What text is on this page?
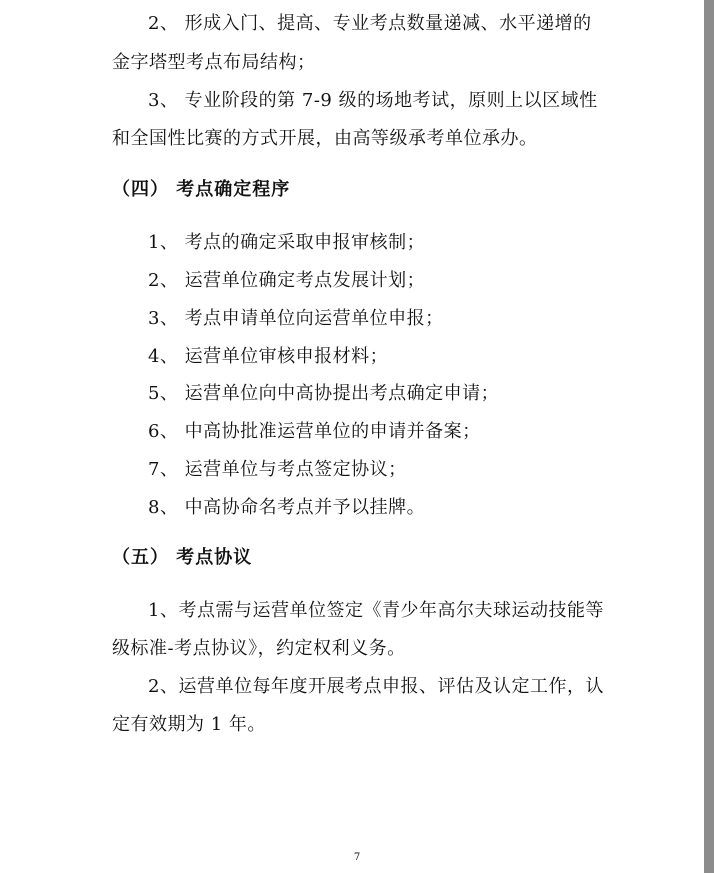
2、 形成入门、提高、专业考点数量递减、水平递增的
金字塔型考点布局结构；
3、 专业阶段的第 7-9 级的场地考试，原则上以区域性
和全国性比赛的方式开展，由高等级承考单位承办。
（四） 考点确定程序
1、 考点的确定采取申报审核制；
2、 运营单位确定考点发展计划；
3、 考点申请单位向运营单位申报；
4、 运营单位审核申报材料；
5、 运营单位向中高协提出考点确定申请；
6、 中高协批准运营单位的申请并备案；
7、 运营单位与考点签定协议；
8、 中高协命名考点并予以挂牌。
（五） 考点协议
1、考点需与运营单位签定《青少年高尔夫球运动技能等
级标准-考点协议》，约定权利义务。
2、运营单位每年度开展考点申报、评估及认定工作，认
定有效期为 1 年。
7
